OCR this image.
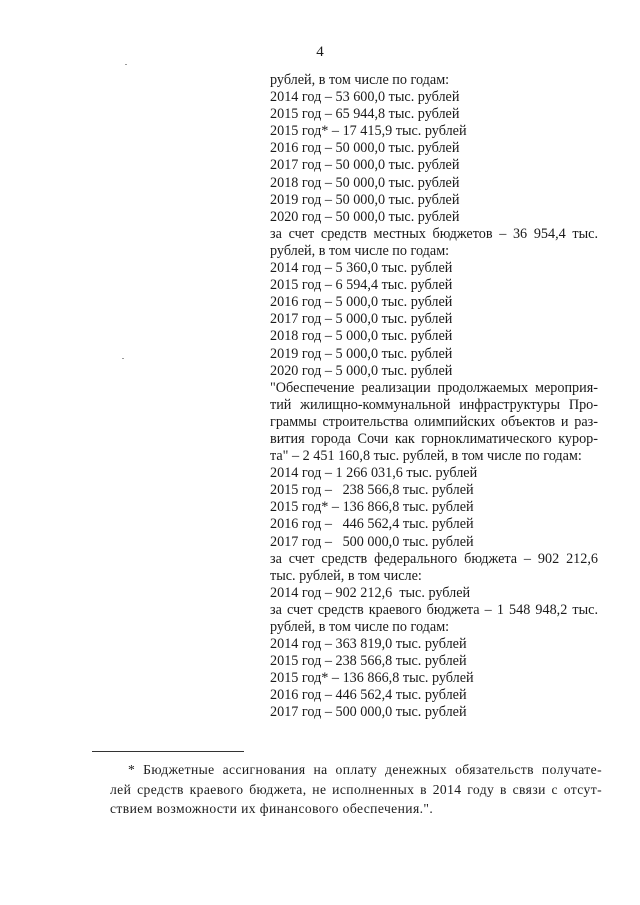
4
рублей, в том числе по годам:
2014 год – 53 600,0 тыс. рублей
2015 год – 65 944,8 тыс. рублей
2015 год* – 17 415,9 тыс. рублей
2016 год – 50 000,0 тыс. рублей
2017 год – 50 000,0 тыс. рублей
2018 год – 50 000,0 тыс. рублей
2019 год – 50 000,0 тыс. рублей
2020 год – 50 000,0 тыс. рублей
за счет средств местных бюджетов – 36 954,4 тыс.
рублей, в том числе по годам:
2014 год – 5 360,0 тыс. рублей
2015 год – 6 594,4 тыс. рублей
2016 год – 5 000,0 тыс. рублей
2017 год – 5 000,0 тыс. рублей
2018 год – 5 000,0 тыс. рублей
2019 год – 5 000,0 тыс. рублей
2020 год – 5 000,0 тыс. рублей
"Обеспечение реализации продолжаемых мероприя-
тий жилищно-коммунальной инфраструктуры Про-
граммы строительства олимпийских объектов и раз-
вития города Сочи как горноклиматического курор-
та" – 2 451 160,8 тыс. рублей, в том числе по годам:
2014 год – 1 266 031,6 тыс. рублей
2015 год –   238 566,8 тыс. рублей
2015 год* – 136 866,8 тыс. рублей
2016 год –   446 562,4 тыс. рублей
2017 год –   500 000,0 тыс. рублей
за счет средств федерального бюджета – 902 212,6
тыс. рублей, в том числе:
2014 год – 902 212,6  тыс. рублей
за счет средств краевого бюджета – 1 548 948,2 тыс.
рублей, в том числе по годам:
2014 год – 363 819,0 тыс. рублей
2015 год – 238 566,8 тыс. рублей
2015 год* – 136 866,8 тыс. рублей
2016 год – 446 562,4 тыс. рублей
2017 год – 500 000,0 тыс. рублей
* Бюджетные ассигнования на оплату денежных обязательств получате-
лей средств краевого бюджета, не исполненных в 2014 году в связи с отсут-
ствием возможности их финансового обеспечения.".
